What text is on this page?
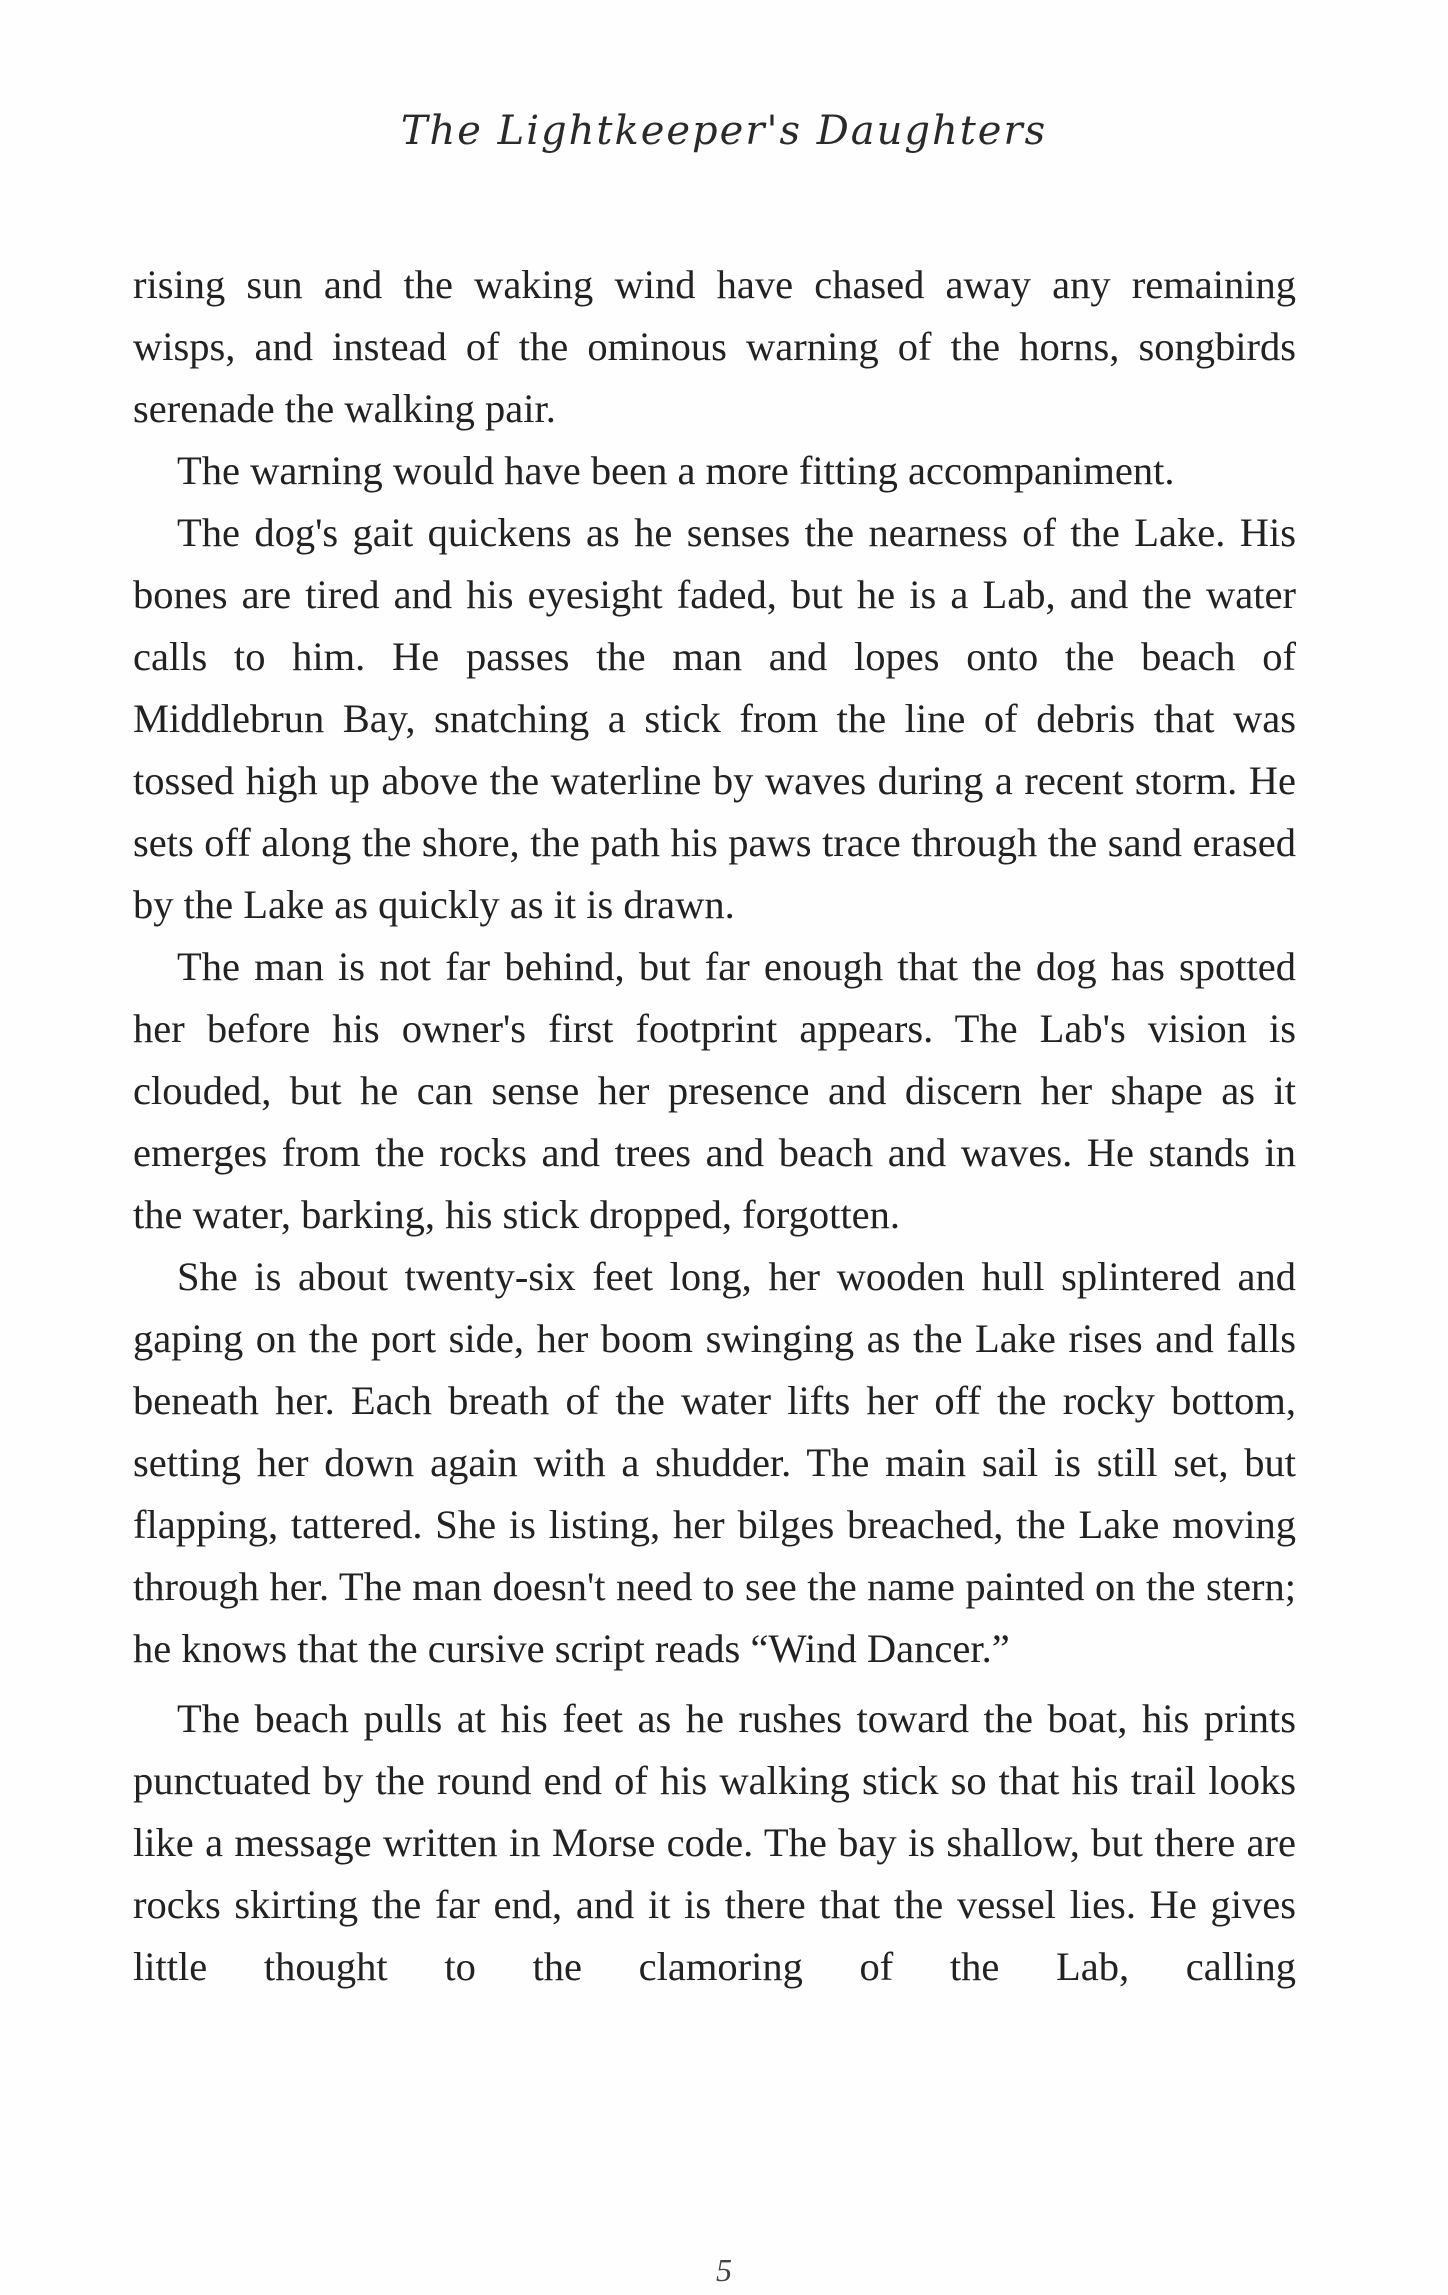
The Lightkeeper's Daughters

rising sun and the waking wind have chased away any remaining wisps, and instead of the ominous warning of the horns, songbirds serenade the walking pair.

The warning would have been a more fitting accompaniment.

The dog's gait quickens as he senses the nearness of the Lake. His bones are tired and his eyesight faded, but he is a Lab, and the water calls to him. He passes the man and lopes onto the beach of Middlebrun Bay, snatching a stick from the line of debris that was tossed high up above the waterline by waves during a recent storm. He sets off along the shore, the path his paws trace through the sand erased by the Lake as quickly as it is drawn.

The man is not far behind, but far enough that the dog has spotted her before his owner's first footprint appears. The Lab's vision is clouded, but he can sense her presence and discern her shape as it emerges from the rocks and trees and beach and waves. He stands in the water, barking, his stick dropped, forgotten.

She is about twenty-six feet long, her wooden hull splintered and gaping on the port side, her boom swinging as the Lake rises and falls beneath her. Each breath of the water lifts her off the rocky bottom, setting her down again with a shudder. The main sail is still set, but flapping, tattered. She is listing, her bilges breached, the Lake moving through her. The man doesn't need to see the name painted on the stern; he knows that the cursive script reads “Wind Dancer.”

The beach pulls at his feet as he rushes toward the boat, his prints punctuated by the round end of his walking stick so that his trail looks like a message written in Morse code. The bay is shallow, but there are rocks skirting the far end, and it is there that the vessel lies. He gives little thought to the clamoring of the Lab, calling

5
